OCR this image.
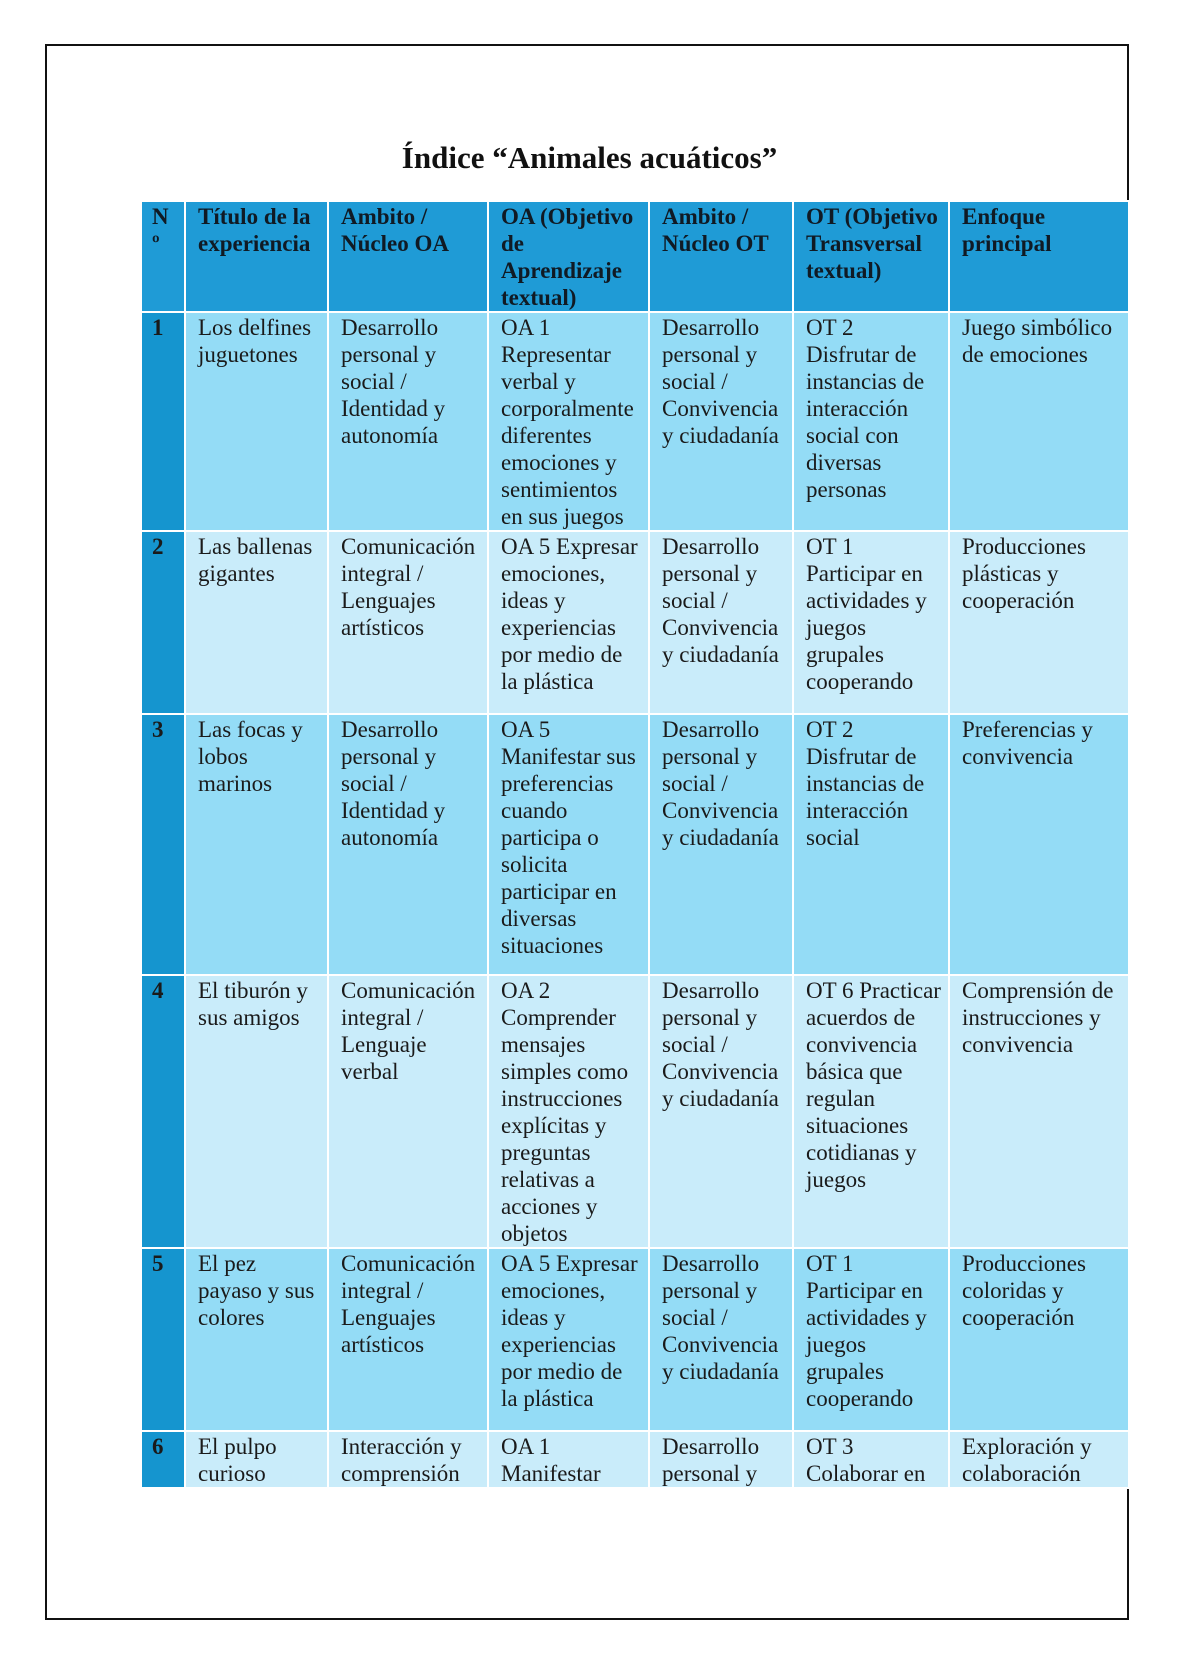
Índice “Animales acuáticos”
N º	Título de la experiencia	Ambito / Núcleo OA	OA (Objetivo de Aprendizaje textual)	Ambito / Núcleo OT	OT (Objetivo Transversal textual)	Enfoque principal
1	Los delfines juguetones	Desarrollo personal y social / Identidad y autonomía	OA 1 Representar verbal y corporalmente diferentes emociones y sentimientos en sus juegos	Desarrollo personal y social / Convivencia y ciudadanía	OT 2 Disfrutar de instancias de interacción social con diversas personas	Juego simbólico de emociones
2	Las ballenas gigantes	Comunicación integral / Lenguajes artísticos	OA 5 Expresar emociones, ideas y experiencias por medio de la plástica	Desarrollo personal y social / Convivencia y ciudadanía	OT 1 Participar en actividades y juegos grupales cooperando	Producciones plásticas y cooperación
3	Las focas y lobos marinos	Desarrollo personal y social / Identidad y autonomía	OA 5 Manifestar sus preferencias cuando participa o solicita participar en diversas situaciones	Desarrollo personal y social / Convivencia y ciudadanía	OT 2 Disfrutar de instancias de interacción social	Preferencias y convivencia
4	El tiburón y sus amigos	Comunicación integral / Lenguaje verbal	OA 2 Comprender mensajes simples como instrucciones explícitas y preguntas relativas a acciones y objetos	Desarrollo personal y social / Convivencia y ciudadanía	OT 6 Practicar acuerdos de convivencia básica que regulan situaciones cotidianas y juegos	Comprensión de instrucciones y convivencia
5	El pez payaso y sus colores	Comunicación integral / Lenguajes artísticos	OA 5 Expresar emociones, ideas y experiencias por medio de la plástica	Desarrollo personal y social / Convivencia y ciudadanía	OT 1 Participar en actividades y juegos grupales cooperando	Producciones coloridas y cooperación
6	El pulpo curioso	Interacción y comprensión	OA 1 Manifestar	Desarrollo personal y	OT 3 Colaborar en	Exploración y colaboración
